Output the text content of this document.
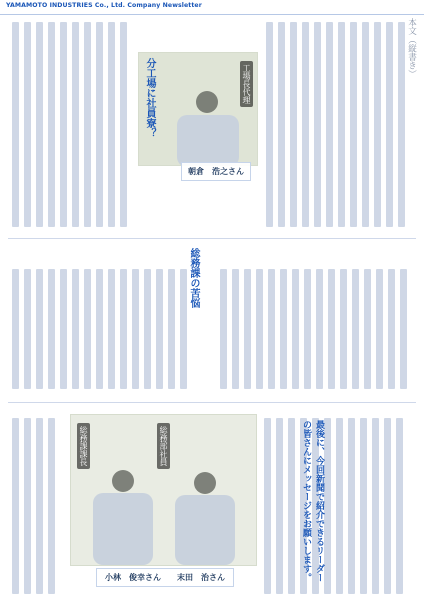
YAMAMOTO INDUSTRIES Co., Ltd. Company Newsletter
工場長代理
朝倉　浩之さん
分工場に社員寮？
総務課の苦悩
総務課課長	総務部社員
小林　俊幸さん　　末田　治さん	最後に、今回新聞で紹介できるリーダーの皆さんにメッセージをお願いします。
本文（縦書き）
